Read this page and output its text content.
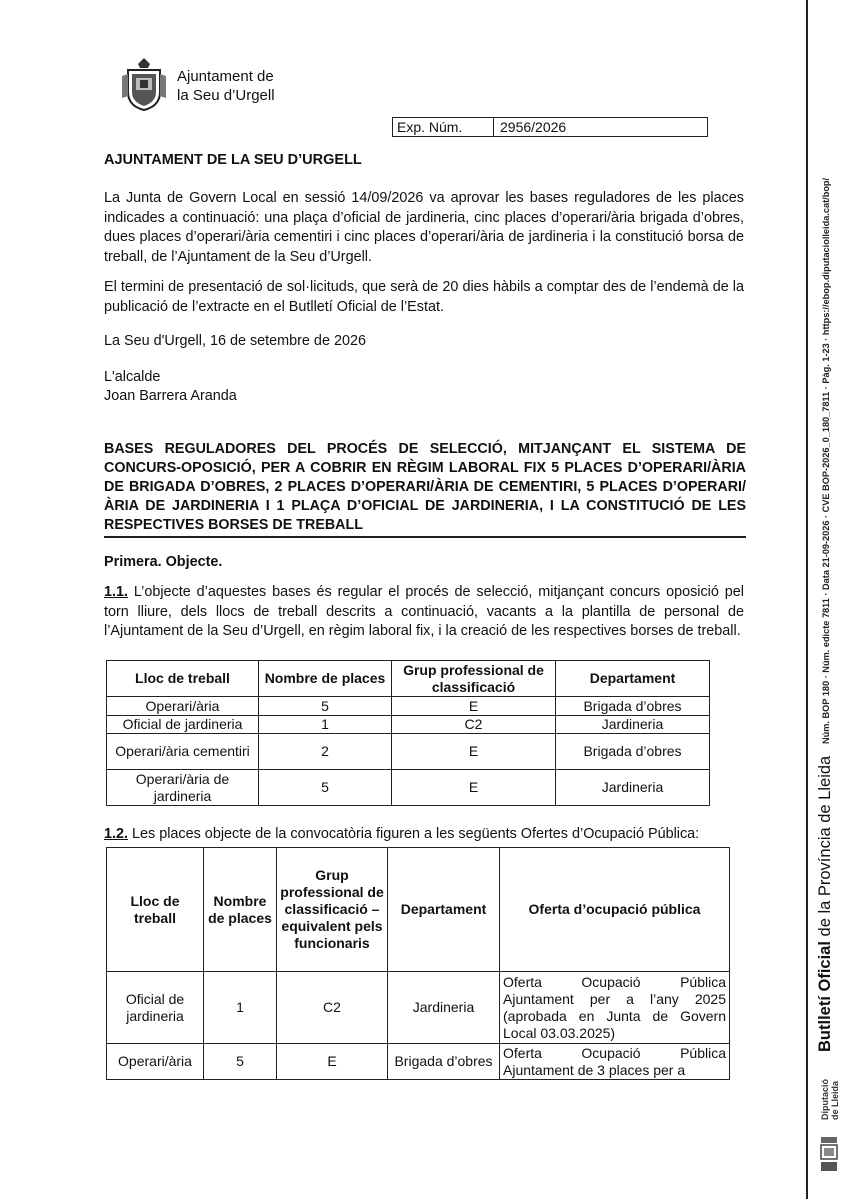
Ajuntament de
la Seu d’Urgell
Exp. Núm.	2956/2026
AJUNTAMENT DE LA SEU D’URGELL
La Junta de Govern Local en sessió 14/09/2026 va aprovar les bases reguladores de les places indicades a continuació: una plaça d’oficial de jardineria, cinc places d’operari/ària brigada d’obres, dues places d’operari/ària cementiri i cinc places d’operari/ària de jardineria i la constitució borsa de treball, de l’Ajuntament de la Seu d’Urgell.
El termini de presentació de sol·licituds, que serà de 20 dies hàbils a comptar des de l’endemà de la publicació de l’extracte en el Butlletí Oficial de l’Estat.
La Seu d'Urgell, 16 de setembre de 2026
L'alcalde
Joan Barrera Aranda
BASES REGULADORES DEL PROCÉS DE SELECCIÓ, MITJANÇANT EL SISTEMA DE CONCURS-OPOSICIÓ, PER A COBRIR EN RÈGIM LABORAL FIX 5 PLACES D’OPERARI/ÀRIA DE BRIGADA D’OBRES, 2 PLACES D’OPERARI/ÀRIA DE CEMENTIRI, 5 PLACES D’OPERARI/ÀRIA DE JARDINERIA I 1 PLAÇA D’OFICIAL DE JARDINERIA, I LA CONSTITUCIÓ DE LES RESPECTIVES BORSES DE TREBALL
Primera. Objecte.
1.1. L’objecte d’aquestes bases és regular el procés de selecció, mitjançant concurs oposició pel torn lliure, dels llocs de treball descrits a continuació, vacants a la plantilla de personal de l’Ajuntament de la Seu d’Urgell, en règim laboral fix, i la creació de les respectives borses de treball.
Lloc de treball	Nombre de places	Grup professional de classificació	Departament
Operari/ària	5	E	Brigada d’obres
Oficial de jardineria	1	C2	Jardineria
Operari/ària cementiri	2	E	Brigada d’obres
Operari/ària de jardineria	5	E	Jardineria
1.2. Les places objecte de la convocatòria figuren a les següents Ofertes d’Ocupació Pública:
Lloc de treball	Nombre de places	Grup professional de classificació – equivalent pels funcionaris	Departament	Oferta d’ocupació pública
Oficial de jardineria	1	C2	Jardineria	Oferta Ocupació Pública Ajuntament per a l’any 2025 (aprobada en Junta de Govern Local 03.03.2025)
Operari/ària	5	E	Brigada d’obres	Oferta Ocupació Pública Ajuntament de 3 places per a
Butlletí Oficial de la Província de Lleida
Núm. BOP 180 · Núm. edicte 7811 · Data 21-09-2026 · CVE BOP-2026_0_180_7811 · Pàg. 1-23 · https://ebop.diputaciolleida.cat/bop/
Diputació de Lleida
